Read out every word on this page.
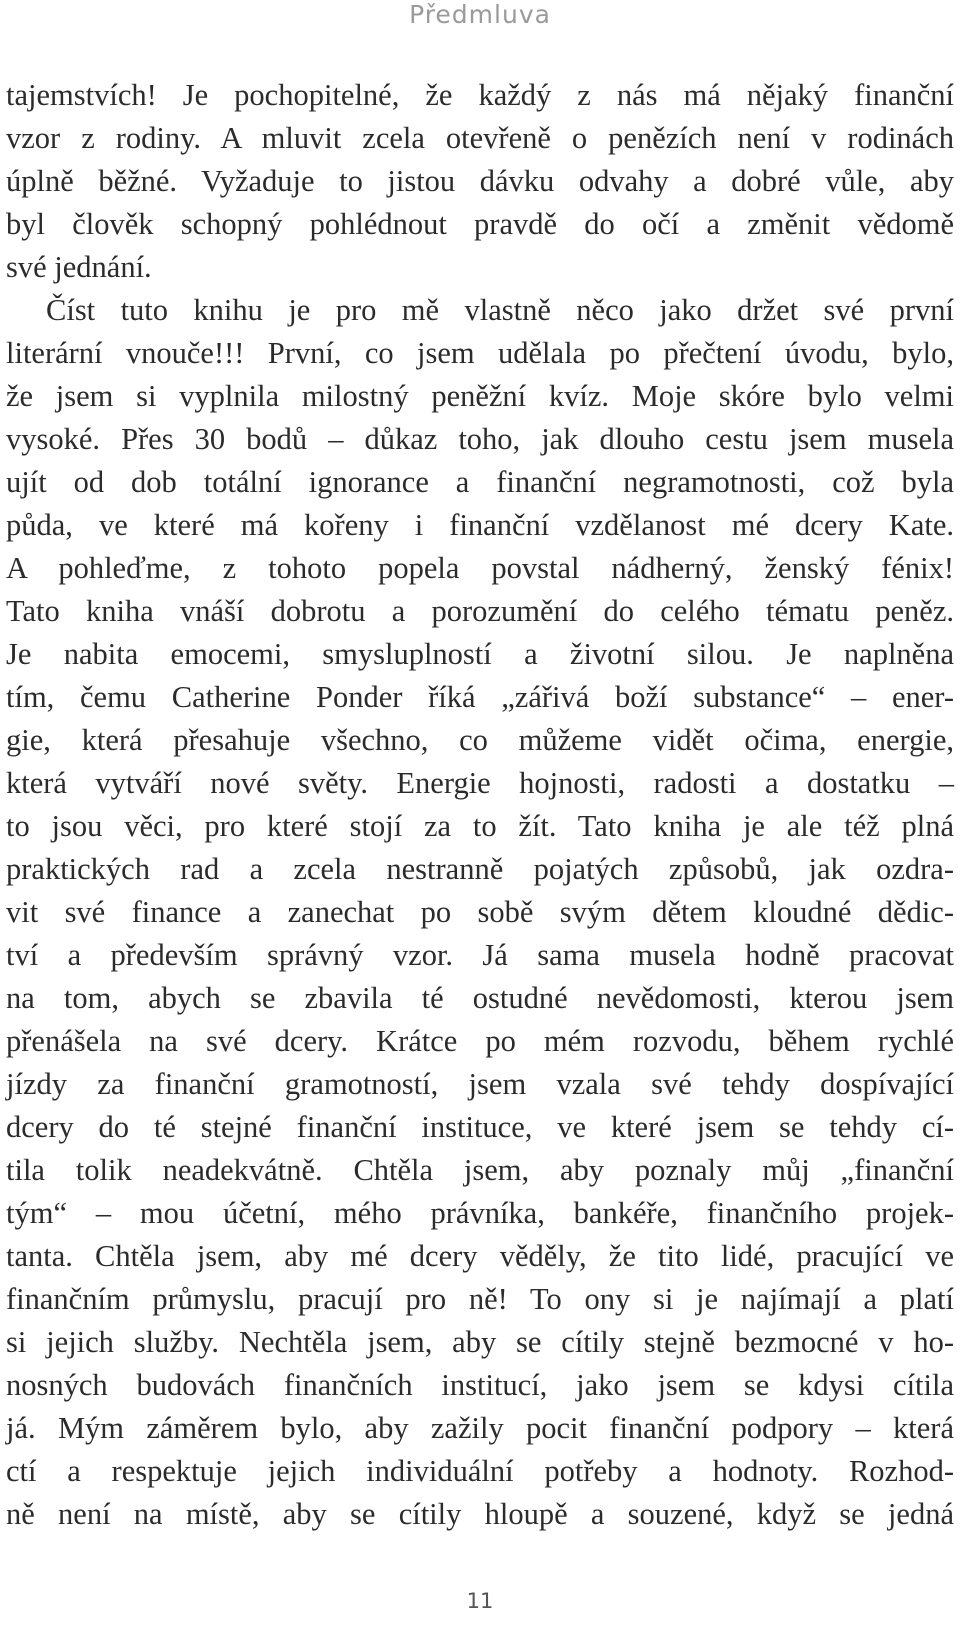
Předmluva
tajemstvích! Je pochopitelné, že každý z nás má nějaký finanční
vzor z rodiny. A mluvit zcela otevřeně o penězích není v rodinách
úplně běžné. Vyžaduje to jistou dávku odvahy a dobré vůle, aby
byl člověk schopný pohlédnout pravdě do očí a změnit vědomě
své jednání.
Číst tuto knihu je pro mě vlastně něco jako držet své první
literární vnouče!!! První, co jsem udělala po přečtení úvodu, bylo,
že jsem si vyplnila milostný peněžní kvíz. Moje skóre bylo velmi
vysoké. Přes 30 bodů – důkaz toho, jak dlouho cestu jsem musela
ujít od dob totální ignorance a finanční negramotnosti, což byla
půda, ve které má kořeny i finanční vzdělanost mé dcery Kate.
A pohleďme, z tohoto popela povstal nádherný, ženský fénix!
Tato kniha vnáší dobrotu a porozumění do celého tématu peněz.
Je nabita emocemi, smysluplností a životní silou. Je naplněna
tím, čemu Catherine Ponder říká „zářivá boží substance“ – ener-
gie, která přesahuje všechno, co můžeme vidět očima, energie,
která vytváří nové světy. Energie hojnosti, radosti a dostatku –
to jsou věci, pro které stojí za to žít. Tato kniha je ale též plná
praktických rad a zcela nestranně pojatých způsobů, jak ozdra-
vit své finance a zanechat po sobě svým dětem kloudné dědic-
tví a především správný vzor. Já sama musela hodně pracovat
na tom, abych se zbavila té ostudné nevědomosti, kterou jsem
přenášela na své dcery. Krátce po mém rozvodu, během rychlé
jízdy za finanční gramotností, jsem vzala své tehdy dospívající
dcery do té stejné finanční instituce, ve které jsem se tehdy cí-
tila tolik neadekvátně. Chtěla jsem, aby poznaly můj „finanční
tým“ – mou účetní, mého právníka, bankéře, finančního projek-
tanta. Chtěla jsem, aby mé dcery věděly, že tito lidé, pracující ve
finančním průmyslu, pracují pro ně! To ony si je najímají a platí
si jejich služby. Nechtěla jsem, aby se cítily stejně bezmocné v ho-
nosných budovách finančních institucí, jako jsem se kdysi cítila
já. Mým záměrem bylo, aby zažily pocit finanční podpory – která
ctí a respektuje jejich individuální potřeby a hodnoty. Rozhod-
ně není na místě, aby se cítily hloupě a souzené, když se jedná
11
